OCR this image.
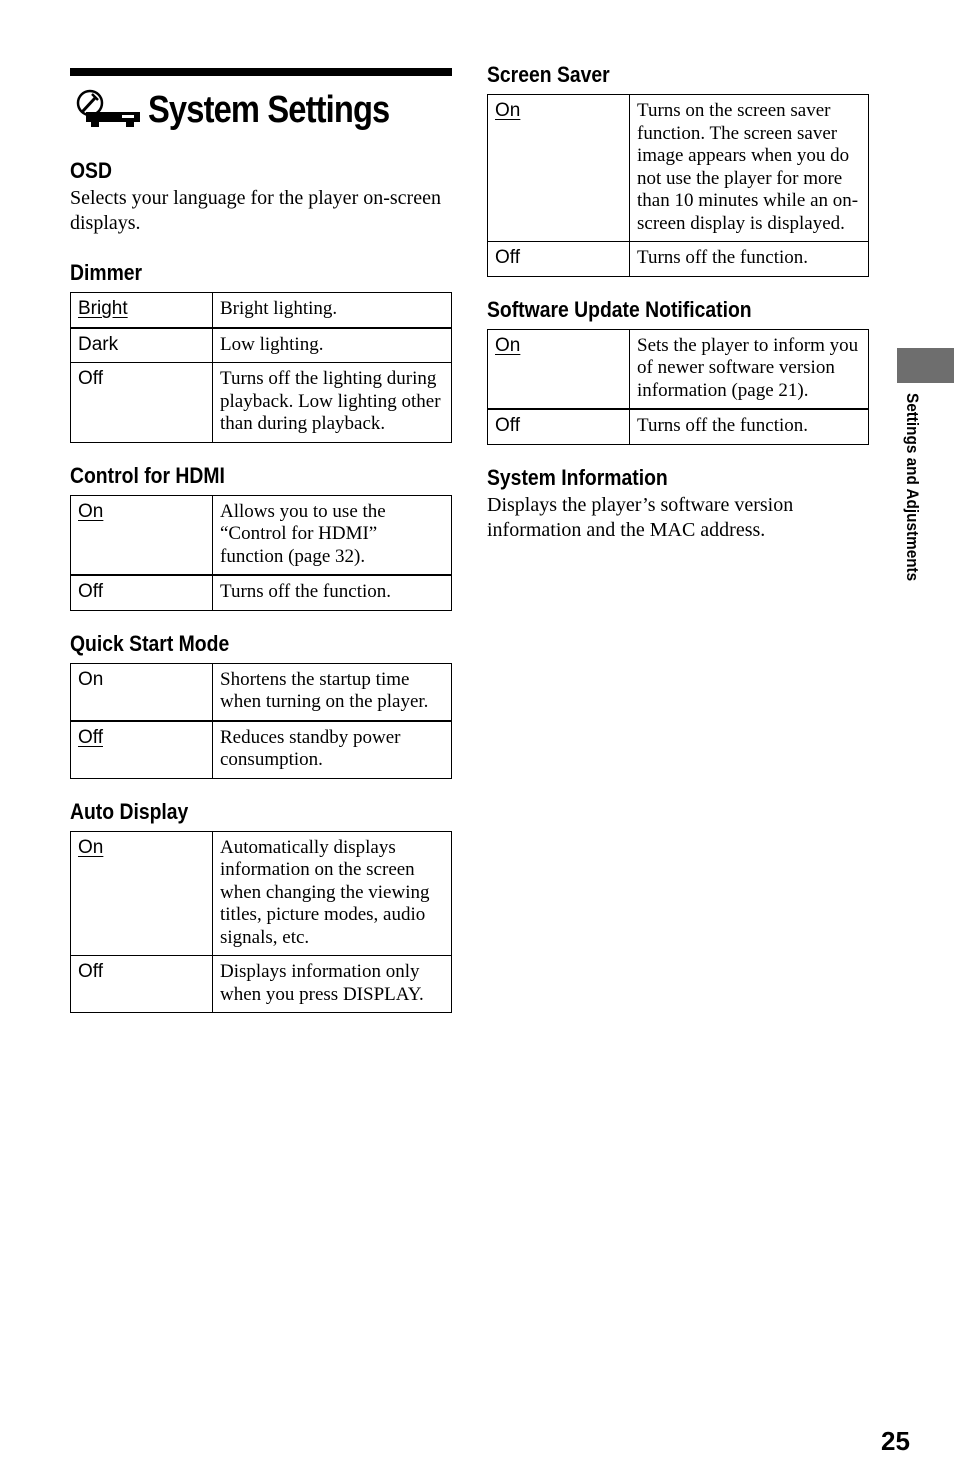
System Settings
OSD
Selects your language for the player on-screen displays.
Dimmer
Bright	Bright lighting.
Dark	Low lighting.
Off	Turns off the lighting during playback. Low lighting other than during playback.
Control for HDMI
On	Allows you to use the “Control for HDMI” function (page 32).
Off	Turns off the function.
Quick Start Mode
On	Shortens the startup time when turning on the player.
Off	Reduces standby power consumption.
Auto Display
On	Automatically displays information on the screen when changing the viewing titles, picture modes, audio signals, etc.
Off	Displays information only when you press DISPLAY.
Screen Saver
On	Turns on the screen saver function. The screen saver image appears when you do not use the player for more than 10 minutes while an on-screen display is displayed.
Off	Turns off the function.
Software Update Notification
On	Sets the player to inform you of newer software version information (page 21).
Off	Turns off the function.
System Information
Displays the player’s software version information and the MAC address.	Settings and Adjustments
25
